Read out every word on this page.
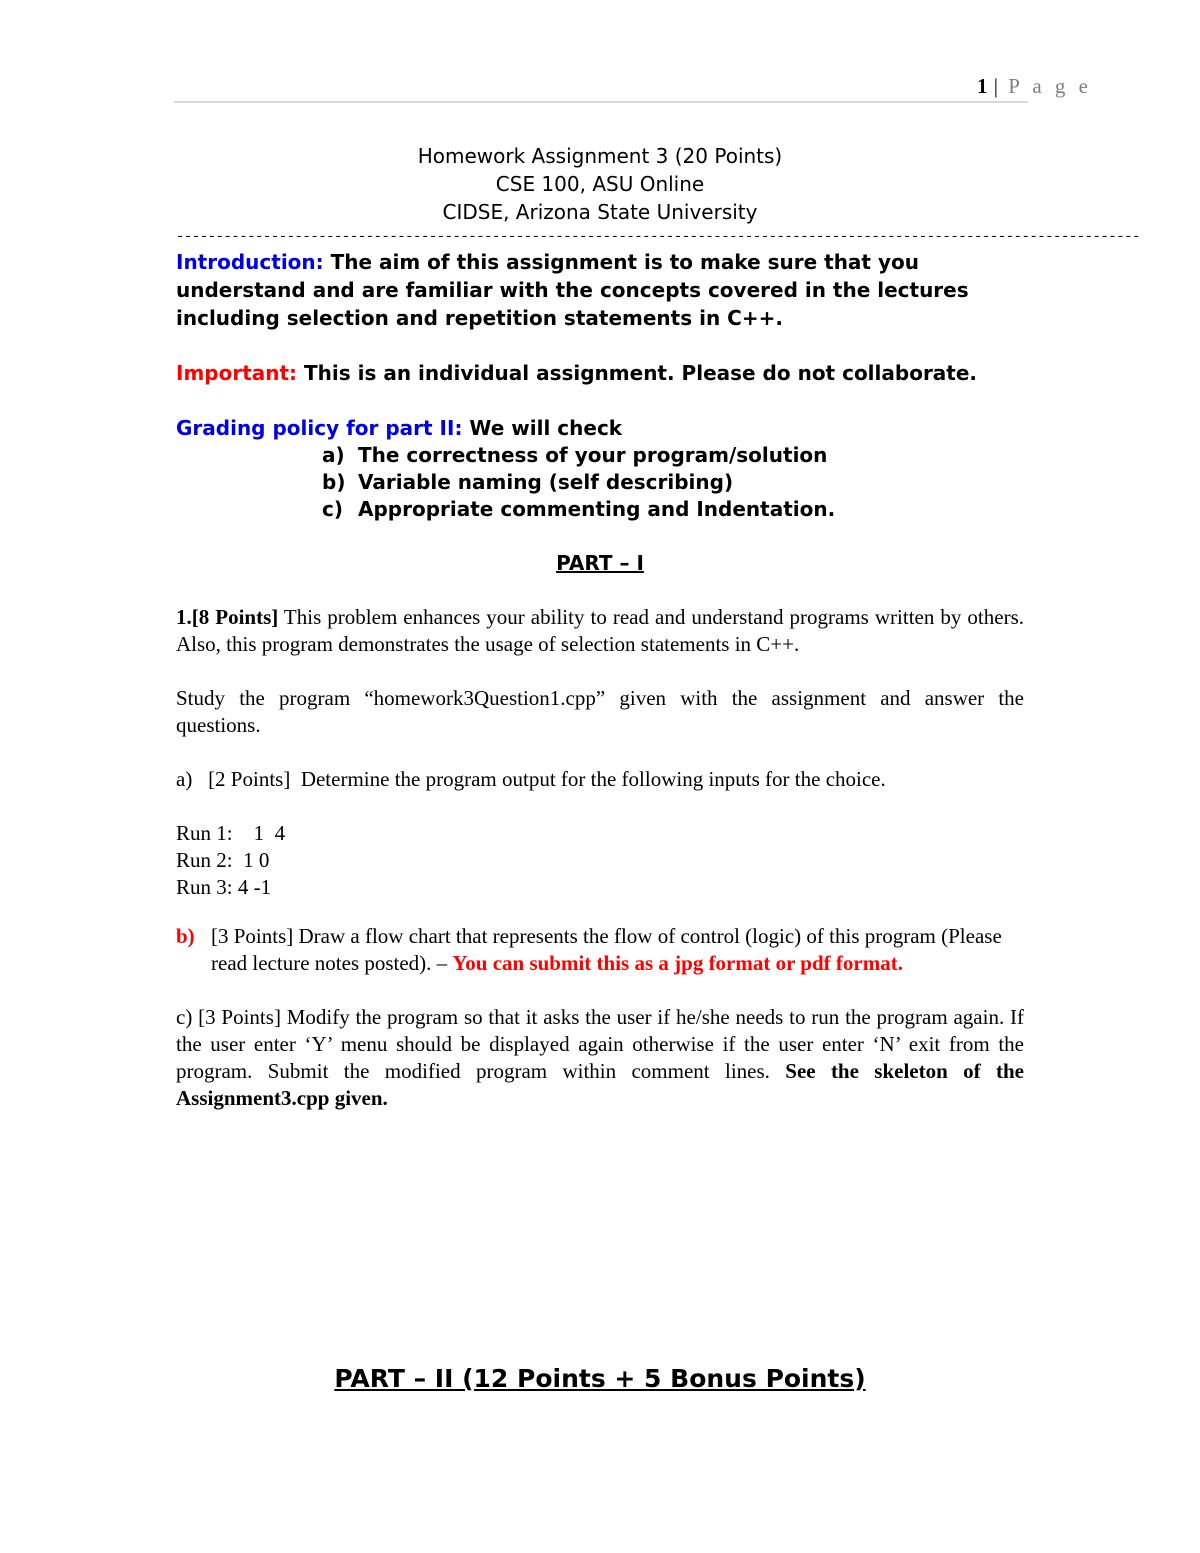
1 | P a g e
Homework Assignment 3 (20 Points)
CSE 100, ASU Online
CIDSE, Arizona State University
--------------------------------------------------------------------------------------------------------------------------

Introduction: The aim of this assignment is to make sure that you understand and are familiar with the concepts covered in the lectures including selection and repetition statements in C++.

Important: This is an individual assignment. Please do not collaborate.

Grading policy for part II: We will check

a) The correctness of your program/solution
b) Variable naming (self describing)
c) Appropriate commenting and Indentation.

PART – I

1.[8 Points] This problem enhances your ability to read and understand programs written by others. Also, this program demonstrates the usage of selection statements in C++.

Study the program “homework3Question1.cpp” given with the assignment and answer the questions.

a)   [2 Points]  Determine the program output for the following inputs for the choice.

Run 1:    1  4
Run 2:  1 0
Run 3: 4 -1

b) [3 Points] Draw a flow chart that represents the flow of control (logic) of this program (Please read lecture notes posted). – You can submit this as a jpg format or pdf format.

c) [3 Points] Modify the program so that it asks the user if he/she needs to run the program again. If the user enter ‘Y’ menu should be displayed again otherwise if the user enter ‘N’ exit from the program. Submit the modified program within comment lines. See the skeleton of the Assignment3.cpp given.

PART – II (12 Points + 5 Bonus Points)
